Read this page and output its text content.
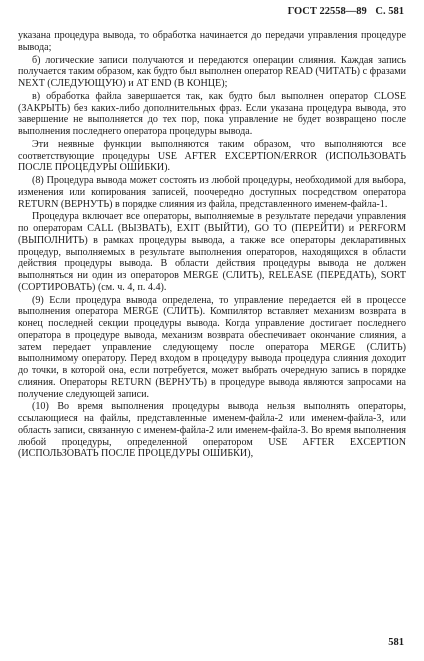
ГОСТ 22558—89 С. 581

указана процедура вывода, то обработка начинается до передачи управления процедуре вывода;

б) логические записи получаются и передаются операции слияния. Каждая запись получается таким образом, как будто был выполнен оператор READ (ЧИТАТЬ) с фразами NEXT (СЛЕДУЮЩУЮ) и AT END (В КОНЦЕ);

в) обработка файла завершается так, как будто был выполнен оператор CLOSE (ЗАКРЫТЬ) без каких-либо дополнительных фраз. Если указана процедура вывода, это завершение не выполняется до тех пор, пока управление не будет возвращено после выполнения последнего оператора процедуры вывода.

Эти неявные функции выполняются таким образом, что выполняются все соответствующие процедуры USE AFTER EXCEPTION/ERROR (ИСПОЛЬЗОВАТЬ ПОСЛЕ ПРОЦЕДУРЫ ОШИБКИ).

(8) Процедура вывода может состоять из любой процедуры, необходимой для выбора, изменения или копирования записей, поочередно доступных посредством оператора RETURN (ВЕРНУТЬ) в порядке слияния из файла, представленного именем-файла-1.

Процедура включает все операторы, выполняемые в результате передачи управления по операторам CALL (ВЫЗВАТЬ), EXIT (ВЫЙТИ), GO TO (ПЕРЕЙТИ) и PERFORM (ВЫПОЛНИТЬ) в рамках процедуры вывода, а также все операторы декларативных процедур, выполняемых в результате выполнения операторов, находящихся в области действия процедуры вывода. В области действия процедуры вывода не должен выполняться ни один из операторов MERGE (СЛИТЬ), RELEASE (ПЕРЕДАТЬ), SORT (СОРТИРОВАТЬ) (см. ч. 4, п. 4.4).

(9) Если процедура вывода определена, то управление передается ей в процессе выполнения оператора MERGE (СЛИТЬ). Компилятор вставляет механизм возврата в конец последней секции процедуры вывода. Когда управление достигает последнего оператора в процедуре вывода, механизм возврата обеспечивает окончание слияния, а затем передает управление следующему после оператора MERGE (СЛИТЬ) выполнимому оператору. Перед входом в процедуру вывода процедура слияния доходит до точки, в которой она, если потребуется, может выбрать очередную запись в порядке слияния. Операторы RETURN (ВЕРНУТЬ) в процедуре вывода являются запросами на получение следующей записи.

(10) Во время выполнения процедуры вывода нельзя выполнять операторы, ссылающиеся на файлы, представленные именем-файла-2 или именем-файла-3, или область записи, связанную с именем-файла-2 или именем-файла-3. Во время выполнения любой процедуры, определенной оператором USE AFTER EXCEPTION (ИСПОЛЬЗОВАТЬ ПОСЛЕ ПРОЦЕДУРЫ ОШИБКИ),

581
